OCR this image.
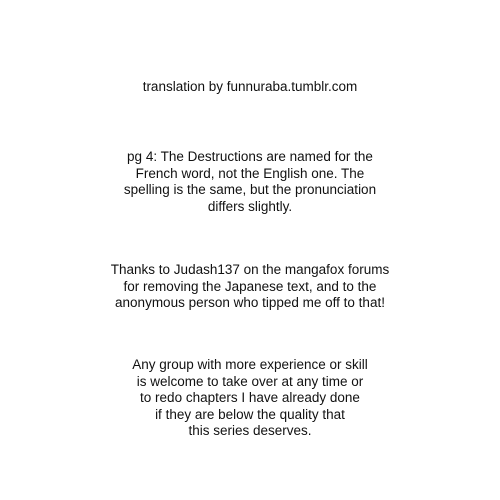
translation by funnuraba.tumblr.com
pg 4: The Destructions are named for the
French word, not the English one. The
spelling is the same, but the pronunciation
differs slightly.
Thanks to Judash137 on the mangafox forums
for removing the Japanese text, and to the
anonymous person who tipped me off to that!
Any group with more experience or skill
is welcome to take over at any time or
to redo chapters I have already done
if they are below the quality that
this series deserves.
